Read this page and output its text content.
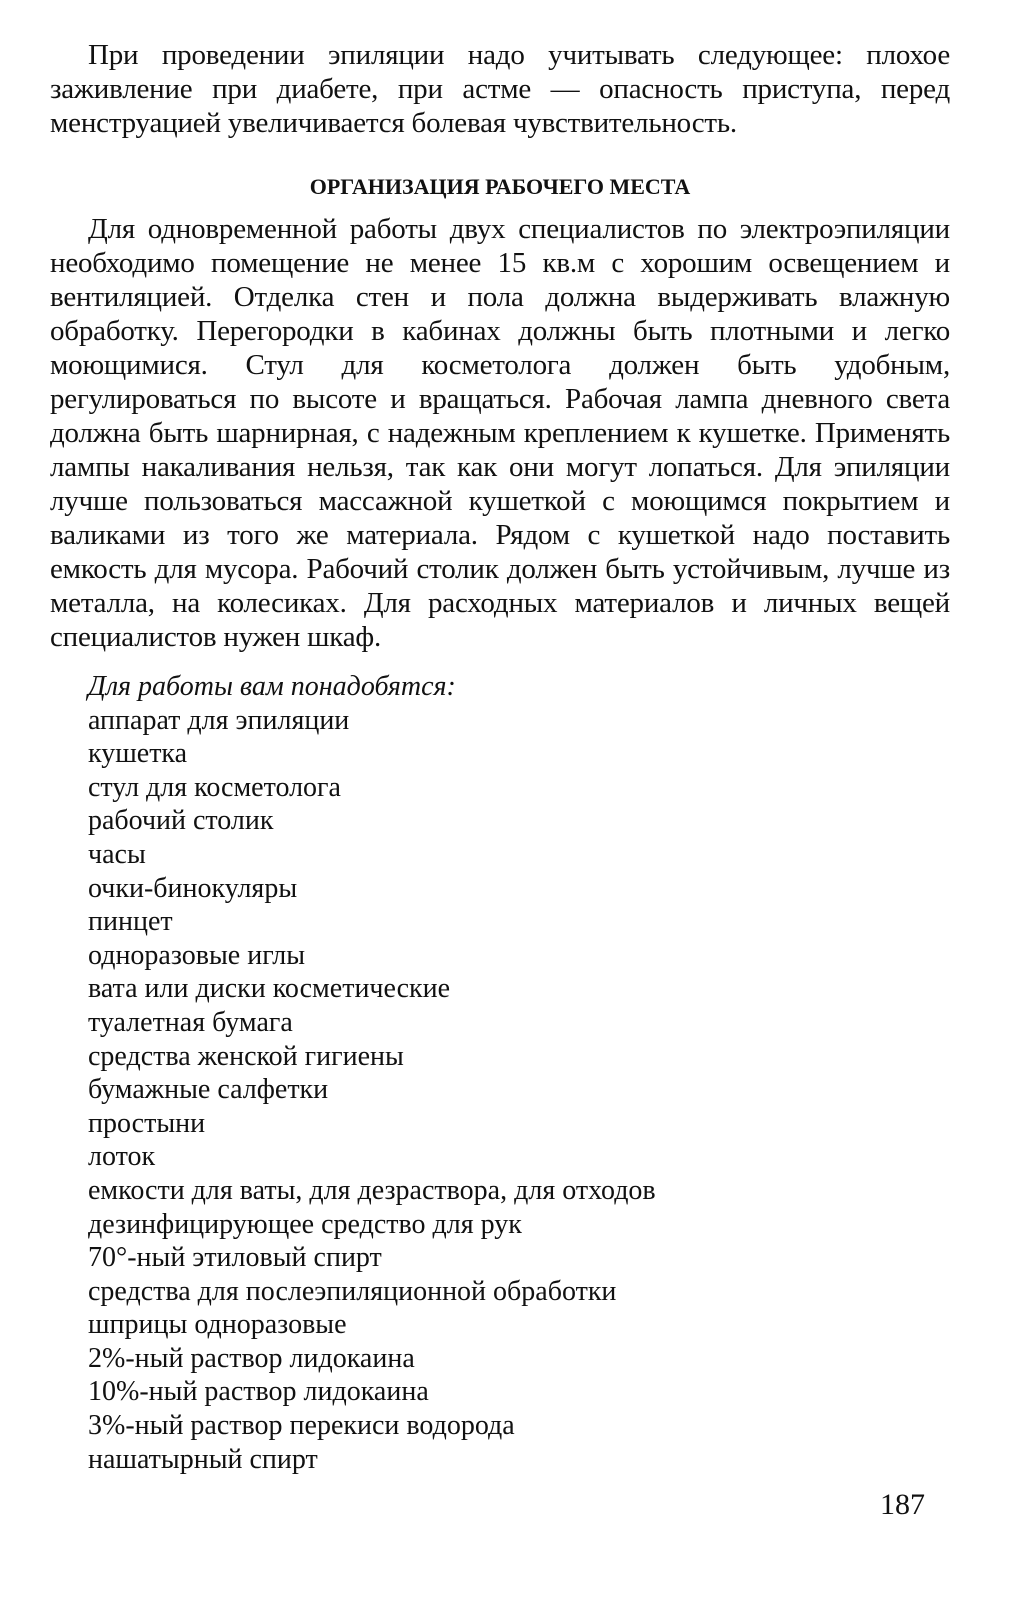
При проведении эпиляции надо учитывать следующее: плохое заживление при диабете, при астме — опасность приступа, перед менструацией увеличивается болевая чувствительность.

ОРГАНИЗАЦИЯ РАБОЧЕГО МЕСТА

Для одновременной работы двух специалистов по электроэпиляции необходимо помещение не менее 15 кв.м с хорошим освещением и вентиляцией. Отделка стен и пола должна выдерживать влажную обработку. Перегородки в кабинах должны быть плотными и легко моющимися. Стул для косметолога должен быть удобным, регулироваться по высоте и вращаться. Рабочая лампа дневного света должна быть шарнирная, с надежным креплением к кушетке. Применять лампы накаливания нельзя, так как они могут лопаться. Для эпиляции лучше пользоваться массажной кушеткой с моющимся покрытием и валиками из того же материала. Рядом с кушеткой надо поставить емкость для мусора. Рабочий столик должен быть устойчивым, лучше из металла, на колесиках. Для расходных материалов и личных вещей специалистов нужен шкаф.

Для работы вам понадобятся:

аппарат для эпиляции
кушетка
стул для косметолога
рабочий столик
часы
очки-бинокуляры
пинцет
одноразовые иглы
вата или диски косметические
туалетная бумага
средства женской гигиены
бумажные салфетки
простыни
лоток
емкости для ваты, для дезраствора, для отходов
дезинфицирующее средство для рук
70°-ный этиловый спирт
средства для послеэпиляционной обработки
шприцы одноразовые
2%-ный раствор лидокаина
10%-ный раствор лидокаина
3%-ный раствор перекиси водорода
нашатырный спирт
187
